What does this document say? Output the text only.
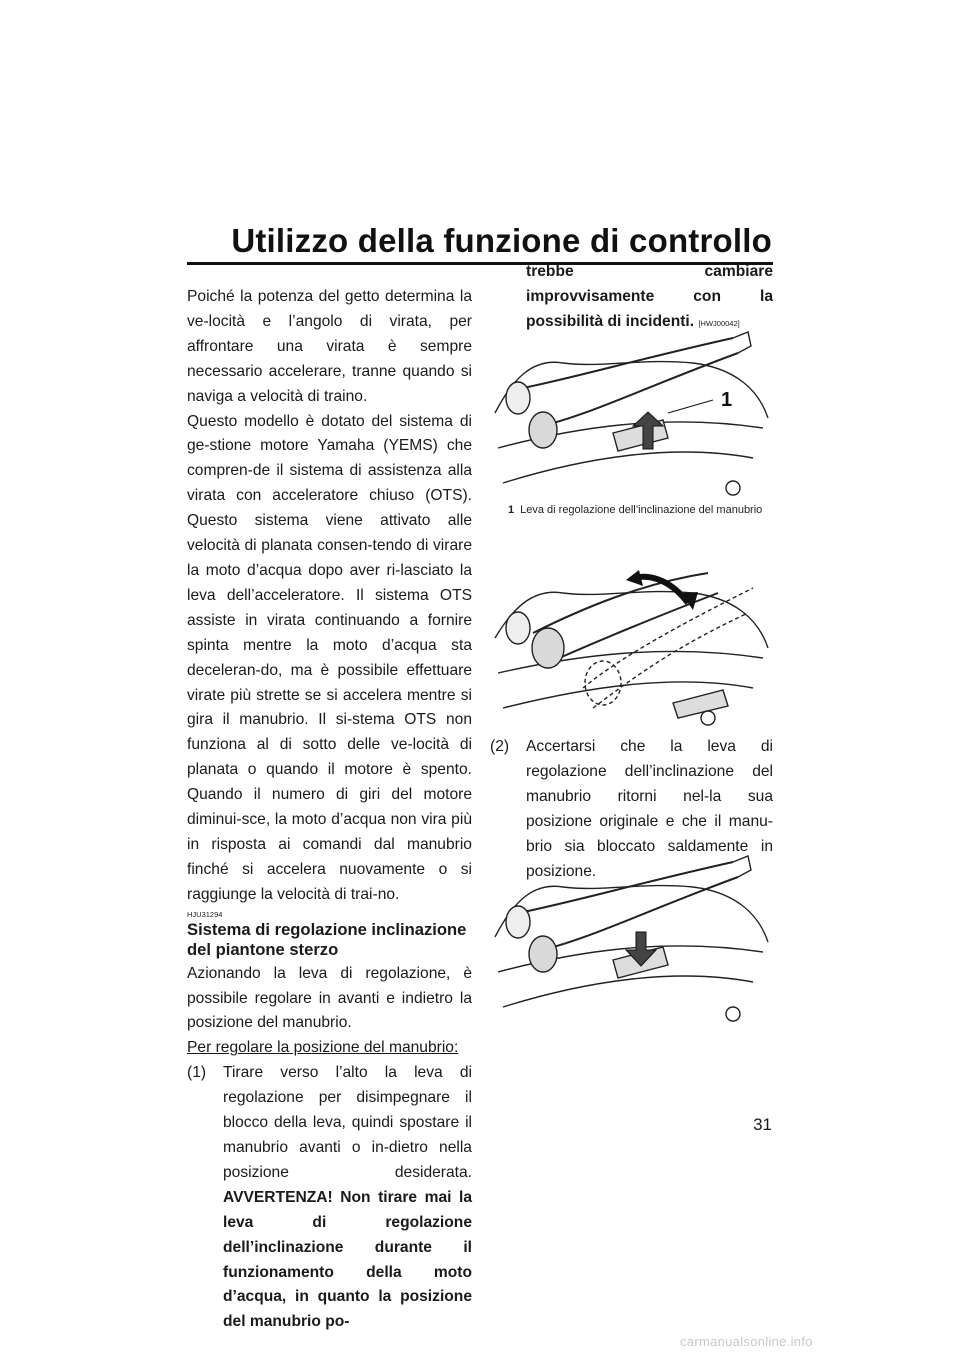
Utilizzo della funzione di controllo

Poiché la potenza del getto determina la ve-locità e l’angolo di virata, per affrontare una virata è sempre necessario accelerare, tranne quando si naviga a velocità di traino.

Questo modello è dotato del sistema di ge-stione motore Yamaha (YEMS) che compren-de il sistema di assistenza alla virata con acceleratore chiuso (OTS). Questo sistema viene attivato alle velocità di planata consen-tendo di virare la moto d’acqua dopo aver ri-lasciato la leva dell’acceleratore. Il sistema OTS assiste in virata continuando a fornire spinta mentre la moto d’acqua sta deceleran-do, ma è possibile effettuare virate più strette se si accelera mentre si gira il manubrio. Il si-stema OTS non funziona al di sotto delle ve-locità di planata o quando il motore è spento. Quando il numero di giri del motore diminui-sce, la moto d’acqua non vira più in risposta ai comandi dal manubrio finché si accelera nuovamente o si raggiunge la velocità di trai-no.

HJU31294
Sistema di regolazione inclinazione
del piantone sterzo

Azionando la leva di regolazione, è possibile regolare in avanti e indietro la posizione del manubrio.

Per regolare la posizione del manubrio:
(1)	Tirare verso l’alto la leva di regolazione per disimpegnare il blocco della leva, quindi spostare il manubrio avanti o in-dietro nella posizione desiderata. AVVERTENZA! Non tirare mai la leva di regolazione dell’inclinazione durante il funzionamento della moto d’acqua, in quanto la posizione del manubrio po-
trebbe cambiare improvvisamente con la possibilità di incidenti. [HWJ00042]
1
1 Leva di regolazione dell’inclinazione del manubrio
(2)	Accertarsi che la leva di regolazione dell’inclinazione del manubrio ritorni nel-la sua posizione originale e che il manu-brio sia bloccato saldamente in posizione.
31
carmanualsonline.info
